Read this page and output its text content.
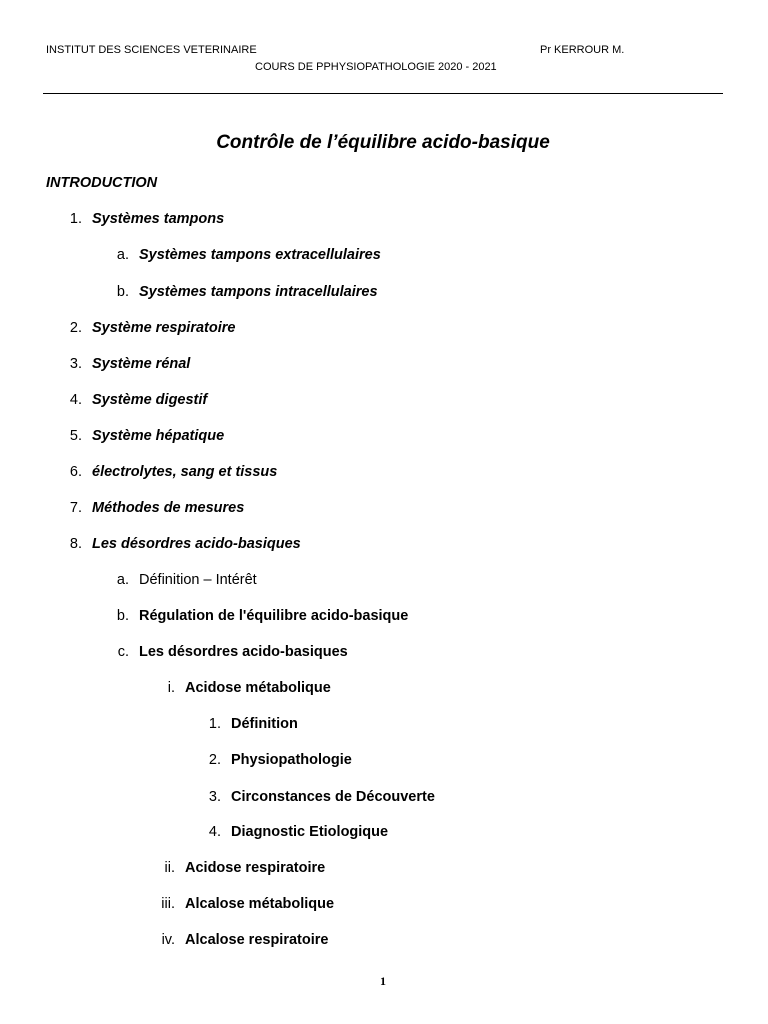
INSTITUT DES SCIENCES VETERINAIRE	Pr KERROUR M.
COURS DE PPHYSIOPATHOLOGIE 2020 - 2021
Contrôle de l’équilibre acido-basique
INTRODUCTION
1. Systèmes tampons
a. Systèmes tampons extracellulaires
b. Systèmes tampons intracellulaires
2. Système respiratoire
3. Système rénal
4. Système digestif
5. Système hépatique
6. électrolytes, sang et tissus
7. Méthodes de mesures
8. Les désordres acido-basiques
a. Définition – Intérêt
b. Régulation de l'équilibre acido-basique
c. Les désordres acido-basiques
i. Acidose métabolique
1. Définition
2. Physiopathologie
3. Circonstances de Découverte
4. Diagnostic Etiologique
ii. Acidose respiratoire
iii. Alcalose métabolique
iv. Alcalose respiratoire
1
